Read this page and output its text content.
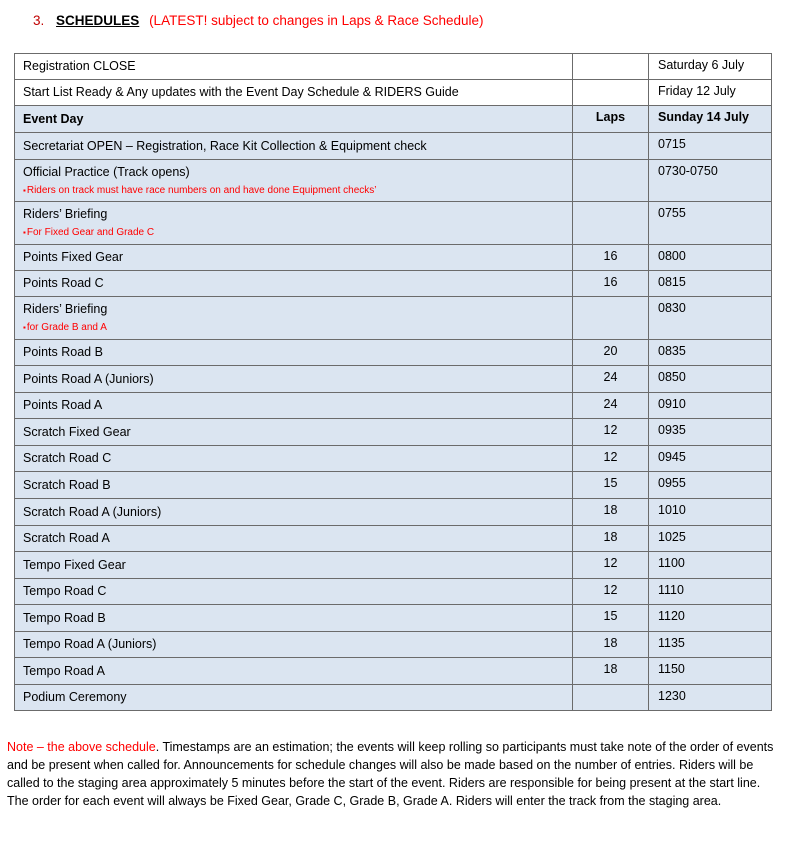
3. SCHEDULES (LATEST! subject to changes in Laps & Race Schedule)
Registration CLOSE		Saturday 6 July
Start List Ready & Any updates with the Event Day Schedule & RIDERS Guide		Friday 12 July
Event Day	Laps	Sunday 14 July
Secretariat OPEN – Registration, Race Kit Collection & Equipment check		0715
Official Practice (Track opens)
▪Riders on track must have race numbers on and have done Equipment checks’		0730-0750
Riders’ Briefing
▪For Fixed Gear and Grade C		0755
Points Fixed Gear	16	0800
Points Road C	16	0815
Riders’ Briefing
▪for Grade B and A		0830
Points Road B	20	0835
Points Road A (Juniors)	24	0850
Points Road A	24	0910
Scratch Fixed Gear	12	0935
Scratch Road C	12	0945
Scratch Road B	15	0955
Scratch Road A (Juniors)	18	1010
Scratch Road A	18	1025
Tempo Fixed Gear	12	1100
Tempo Road C	12	1110
Tempo Road B	15	1120
Tempo Road A (Juniors)	18	1135
Tempo Road A	18	1150
Podium Ceremony		1230
Note – the above schedule. Timestamps are an estimation; the events will keep rolling so participants must take note of the order of events and be present when called for. Announcements for schedule changes will also be made based on the number of entries. Riders will be called to the staging area approximately 5 minutes before the start of the event. Riders are responsible for being present at the start line. The order for each event will always be Fixed Gear, Grade C, Grade B, Grade A. Riders will enter the track from the staging area.
